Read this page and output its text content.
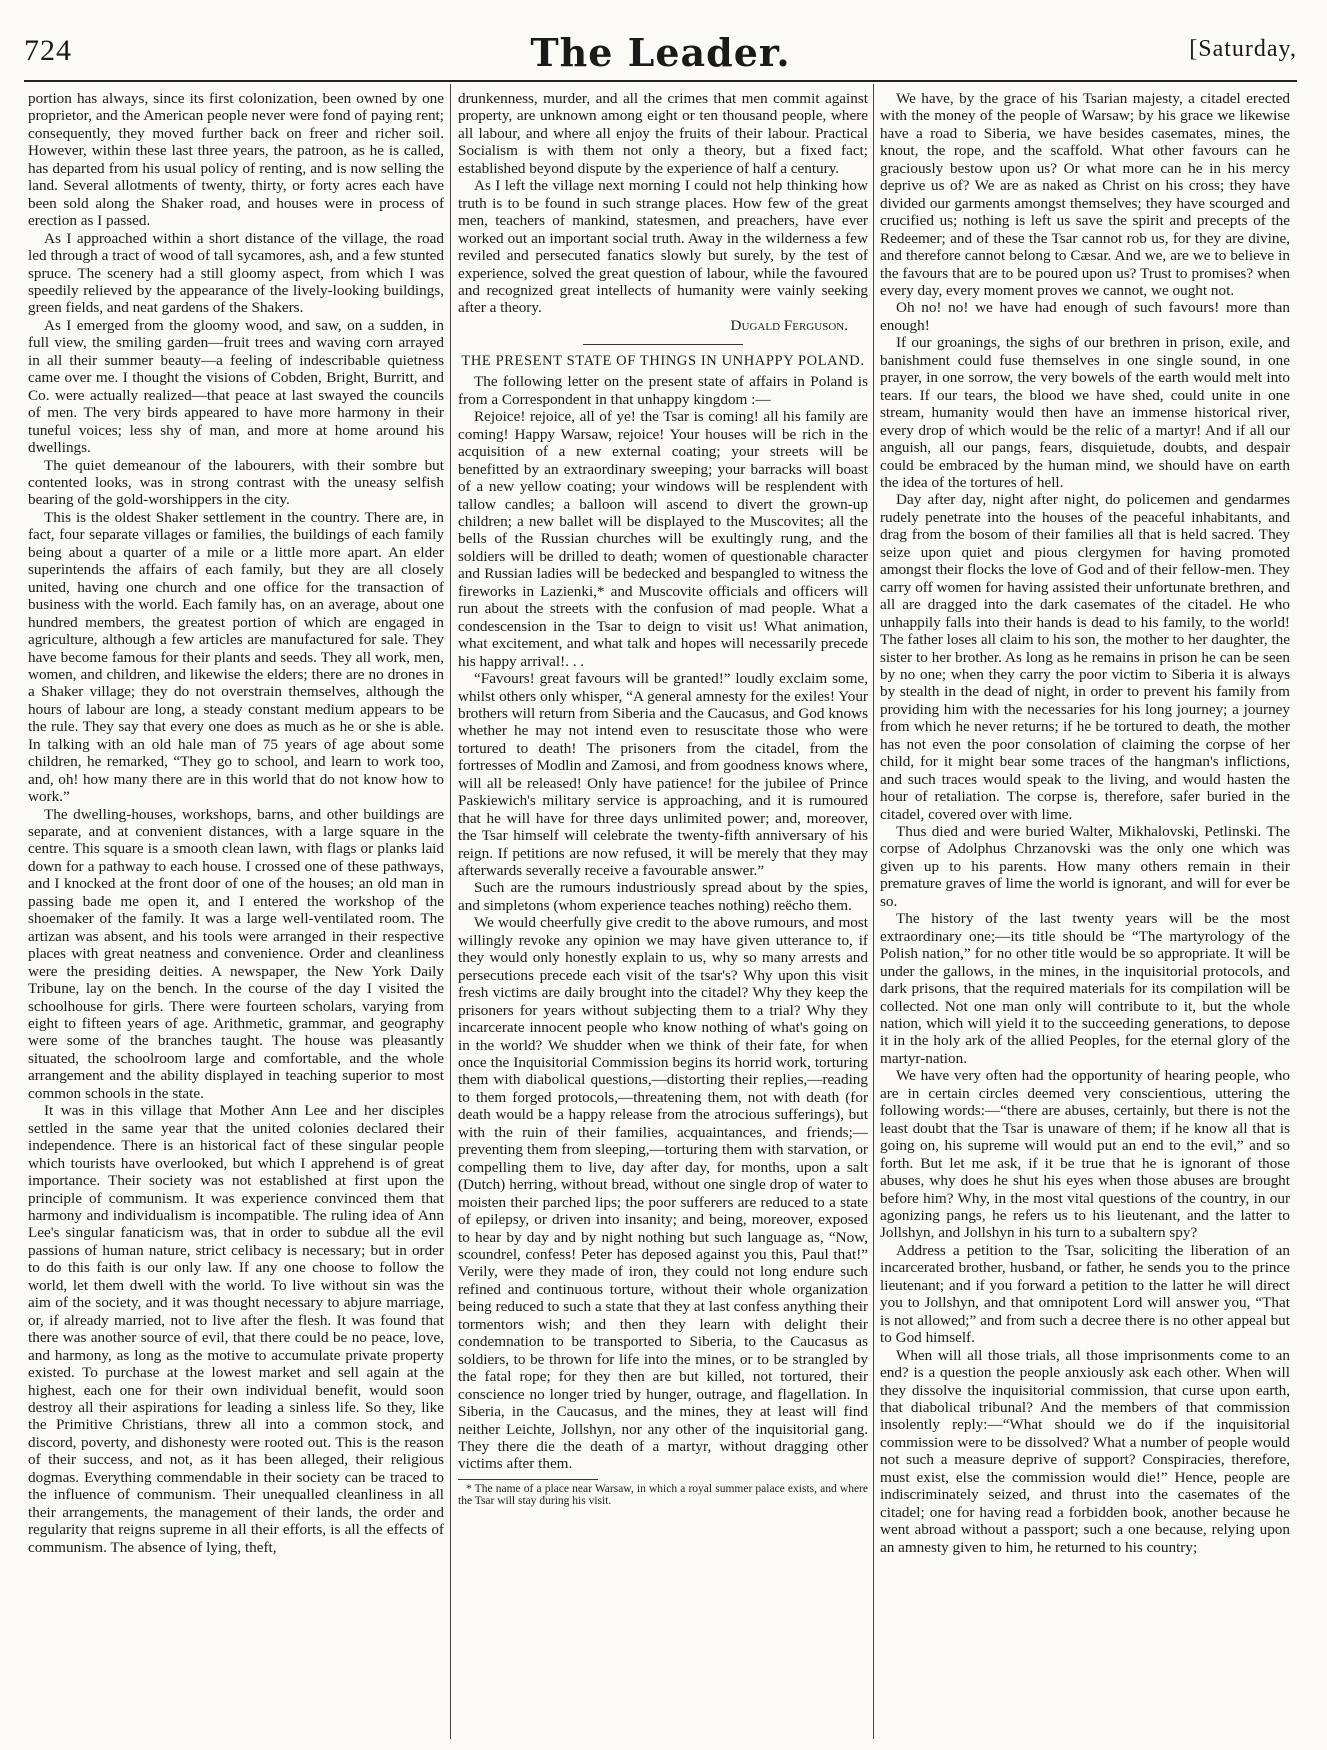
724	The Leader.	[Saturday,

portion has always, since its first colonization, been owned by one proprietor, and the American people never were fond of paying rent; consequently, they moved further back on freer and richer soil. However, within these last three years, the patroon, as he is called, has departed from his usual policy of renting, and is now selling the land. Several allotments of twenty, thirty, or forty acres each have been sold along the Shaker road, and houses were in process of erection as I passed.

As I approached within a short distance of the village, the road led through a tract of wood of tall sycamores, ash, and a few stunted spruce. The scenery had a still gloomy aspect, from which I was speedily relieved by the appearance of the lively-looking buildings, green fields, and neat gardens of the Shakers.

As I emerged from the gloomy wood, and saw, on a sudden, in full view, the smiling garden—fruit trees and waving corn arrayed in all their summer beauty—a feeling of indescribable quietness came over me. I thought the visions of Cobden, Bright, Burritt, and Co. were actually realized—that peace at last swayed the councils of men. The very birds appeared to have more harmony in their tuneful voices; less shy of man, and more at home around his dwellings.

The quiet demeanour of the labourers, with their sombre but contented looks, was in strong contrast with the uneasy selfish bearing of the gold-worshippers in the city.

This is the oldest Shaker settlement in the country. There are, in fact, four separate villages or families, the buildings of each family being about a quarter of a mile or a little more apart. An elder superintends the affairs of each family, but they are all closely united, having one church and one office for the transaction of business with the world. Each family has, on an average, about one hundred members, the greatest portion of which are engaged in agriculture, although a few articles are manufactured for sale. They have become famous for their plants and seeds. They all work, men, women, and children, and likewise the elders; there are no drones in a Shaker village; they do not overstrain themselves, although the hours of labour are long, a steady constant medium appears to be the rule. They say that every one does as much as he or she is able. In talking with an old hale man of 75 years of age about some children, he remarked, “They go to school, and learn to work too, and, oh! how many there are in this world that do not know how to work.”

The dwelling-houses, workshops, barns, and other buildings are separate, and at convenient distances, with a large square in the centre. This square is a smooth clean lawn, with flags or planks laid down for a pathway to each house. I crossed one of these pathways, and I knocked at the front door of one of the houses; an old man in passing bade me open it, and I entered the workshop of the shoemaker of the family. It was a large well-ventilated room. The artizan was absent, and his tools were arranged in their respective places with great neatness and convenience. Order and cleanliness were the presiding deities. A newspaper, the New York Daily Tribune, lay on the bench. In the course of the day I visited the schoolhouse for girls. There were fourteen scholars, varying from eight to fifteen years of age. Arithmetic, grammar, and geography were some of the branches taught. The house was pleasantly situated, the schoolroom large and comfortable, and the whole arrangement and the ability displayed in teaching superior to most common schools in the state.

It was in this village that Mother Ann Lee and her disciples settled in the same year that the united colonies declared their independence. There is an historical fact of these singular people which tourists have overlooked, but which I apprehend is of great importance. Their society was not established at first upon the principle of communism. It was experience convinced them that harmony and individualism is incompatible. The ruling idea of Ann Lee's singular fanaticism was, that in order to subdue all the evil passions of human nature, strict celibacy is necessary; but in order to do this faith is our only law. If any one choose to follow the world, let them dwell with the world. To live without sin was the aim of the society, and it was thought necessary to abjure marriage, or, if already married, not to live after the flesh. It was found that there was another source of evil, that there could be no peace, love, and harmony, as long as the motive to accumulate private property existed. To purchase at the lowest market and sell again at the highest, each one for their own individual benefit, would soon destroy all their aspirations for leading a sinless life. So they, like the Primitive Christians, threw all into a common stock, and discord, poverty, and dishonesty were rooted out. This is the reason of their success, and not, as it has been alleged, their religious dogmas. Everything commendable in their society can be traced to the influence of communism. Their unequalled cleanliness in all their arrangements, the management of their lands, the order and regularity that reigns supreme in all their efforts, is all the effects of communism. The absence of lying, theft,

drunkenness, murder, and all the crimes that men commit against property, are unknown among eight or ten thousand people, where all labour, and where all enjoy the fruits of their labour. Practical Socialism is with them not only a theory, but a fixed fact; established beyond dispute by the experience of half a century.

As I left the village next morning I could not help thinking how truth is to be found in such strange places. How few of the great men, teachers of mankind, statesmen, and preachers, have ever worked out an important social truth. Away in the wilderness a few reviled and persecuted fanatics slowly but surely, by the test of experience, solved the great question of labour, while the favoured and recognized great intellects of humanity were vainly seeking after a theory.

Dugald Ferguson.

THE PRESENT STATE OF THINGS IN UNHAPPY POLAND.

The following letter on the present state of affairs in Poland is from a Correspondent in that unhappy kingdom :—

Rejoice! rejoice, all of ye! the Tsar is coming! all his family are coming! Happy Warsaw, rejoice! Your houses will be rich in the acquisition of a new external coating; your streets will be benefitted by an extraordinary sweeping; your barracks will boast of a new yellow coating; your windows will be resplendent with tallow candles; a balloon will ascend to divert the grown-up children; a new ballet will be displayed to the Muscovites; all the bells of the Russian churches will be exultingly rung, and the soldiers will be drilled to death; women of questionable character and Russian ladies will be bedecked and bespangled to witness the fireworks in Lazienki,* and Muscovite officials and officers will run about the streets with the confusion of mad people. What a condescension in the Tsar to deign to visit us! What animation, what excitement, and what talk and hopes will necessarily precede his happy arrival!. . .

“Favours! great favours will be granted!” loudly exclaim some, whilst others only whisper, “A general amnesty for the exiles! Your brothers will return from Siberia and the Caucasus, and God knows whether he may not intend even to resuscitate those who were tortured to death! The prisoners from the citadel, from the fortresses of Modlin and Zamosi, and from goodness knows where, will all be released! Only have patience! for the jubilee of Prince Paskiewich's military service is approaching, and it is rumoured that he will have for three days unlimited power; and, moreover, the Tsar himself will celebrate the twenty-fifth anniversary of his reign. If petitions are now refused, it will be merely that they may afterwards severally receive a favourable answer.”

Such are the rumours industriously spread about by the spies, and simpletons (whom experience teaches nothing) reëcho them.

We would cheerfully give credit to the above rumours, and most willingly revoke any opinion we may have given utterance to, if they would only honestly explain to us, why so many arrests and persecutions precede each visit of the tsar's? Why upon this visit fresh victims are daily brought into the citadel? Why they keep the prisoners for years without subjecting them to a trial? Why they incarcerate innocent people who know nothing of what's going on in the world? We shudder when we think of their fate, for when once the Inquisitorial Commission begins its horrid work, torturing them with diabolical questions,—distorting their replies,—reading to them forged protocols,—threatening them, not with death (for death would be a happy release from the atrocious sufferings), but with the ruin of their families, acquaintances, and friends;—preventing them from sleeping,—torturing them with starvation, or compelling them to live, day after day, for months, upon a salt (Dutch) herring, without bread, without one single drop of water to moisten their parched lips; the poor sufferers are reduced to a state of epilepsy, or driven into insanity; and being, moreover, exposed to hear by day and by night nothing but such language as, “Now, scoundrel, confess! Peter has deposed against you this, Paul that!” Verily, were they made of iron, they could not long endure such refined and continuous torture, without their whole organization being reduced to such a state that they at last confess anything their tormentors wish; and then they learn with delight their condemnation to be transported to Siberia, to the Caucasus as soldiers, to be thrown for life into the mines, or to be strangled by the fatal rope; for they then are but killed, not tortured, their conscience no longer tried by hunger, outrage, and flagellation. In Siberia, in the Caucasus, and the mines, they at least will find neither Leichte, Jollshyn, nor any other of the inquisitorial gang. They there die the death of a martyr, without dragging other victims after them.

* The name of a place near Warsaw, in which a royal summer palace exists, and where the Tsar will stay during his visit.

We have, by the grace of his Tsarian majesty, a citadel erected with the money of the people of Warsaw; by his grace we likewise have a road to Siberia, we have besides casemates, mines, the knout, the rope, and the scaffold. What other favours can he graciously bestow upon us? Or what more can he in his mercy deprive us of? We are as naked as Christ on his cross; they have divided our garments amongst themselves; they have scourged and crucified us; nothing is left us save the spirit and precepts of the Redeemer; and of these the Tsar cannot rob us, for they are divine, and therefore cannot belong to Cæsar. And we, are we to believe in the favours that are to be poured upon us? Trust to promises? when every day, every moment proves we cannot, we ought not.

Oh no! no! we have had enough of such favours! more than enough!

If our groanings, the sighs of our brethren in prison, exile, and banishment could fuse themselves in one single sound, in one prayer, in one sorrow, the very bowels of the earth would melt into tears. If our tears, the blood we have shed, could unite in one stream, humanity would then have an immense historical river, every drop of which would be the relic of a martyr! And if all our anguish, all our pangs, fears, disquietude, doubts, and despair could be embraced by the human mind, we should have on earth the idea of the tortures of hell.

Day after day, night after night, do policemen and gendarmes rudely penetrate into the houses of the peaceful inhabitants, and drag from the bosom of their families all that is held sacred. They seize upon quiet and pious clergymen for having promoted amongst their flocks the love of God and of their fellow-men. They carry off women for having assisted their unfortunate brethren, and all are dragged into the dark casemates of the citadel. He who unhappily falls into their hands is dead to his family, to the world! The father loses all claim to his son, the mother to her daughter, the sister to her brother. As long as he remains in prison he can be seen by no one; when they carry the poor victim to Siberia it is always by stealth in the dead of night, in order to prevent his family from providing him with the necessaries for his long journey; a journey from which he never returns; if he be tortured to death, the mother has not even the poor consolation of claiming the corpse of her child, for it might bear some traces of the hangman's inflictions, and such traces would speak to the living, and would hasten the hour of retaliation. The corpse is, therefore, safer buried in the citadel, covered over with lime.

Thus died and were buried Walter, Mikhalovski, Petlinski. The corpse of Adolphus Chrzanovski was the only one which was given up to his parents. How many others remain in their premature graves of lime the world is ignorant, and will for ever be so.

The history of the last twenty years will be the most extraordinary one;—its title should be “The martyrology of the Polish nation,” for no other title would be so appropriate. It will be under the gallows, in the mines, in the inquisitorial protocols, and dark prisons, that the required materials for its compilation will be collected. Not one man only will contribute to it, but the whole nation, which will yield it to the succeeding generations, to depose it in the holy ark of the allied Peoples, for the eternal glory of the martyr-nation.

We have very often had the opportunity of hearing people, who are in certain circles deemed very conscientious, uttering the following words:—“there are abuses, certainly, but there is not the least doubt that the Tsar is unaware of them; if he know all that is going on, his supreme will would put an end to the evil,” and so forth. But let me ask, if it be true that he is ignorant of those abuses, why does he shut his eyes when those abuses are brought before him? Why, in the most vital questions of the country, in our agonizing pangs, he refers us to his lieutenant, and the latter to Jollshyn, and Jollshyn in his turn to a subaltern spy?

Address a petition to the Tsar, soliciting the liberation of an incarcerated brother, husband, or father, he sends you to the prince lieutenant; and if you forward a petition to the latter he will direct you to Jollshyn, and that omnipotent Lord will answer you, “That is not allowed;” and from such a decree there is no other appeal but to God himself.

When will all those trials, all those imprisonments come to an end? is a question the people anxiously ask each other. When will they dissolve the inquisitorial commission, that curse upon earth, that diabolical tribunal? And the members of that commission insolently reply:—“What should we do if the inquisitorial commission were to be dissolved? What a number of people would not such a measure deprive of support? Conspiracies, therefore, must exist, else the commission would die!” Hence, people are indiscriminately seized, and thrust into the casemates of the citadel; one for having read a forbidden book, another because he went abroad without a passport; such a one because, relying upon an amnesty given to him, he returned to his country;
